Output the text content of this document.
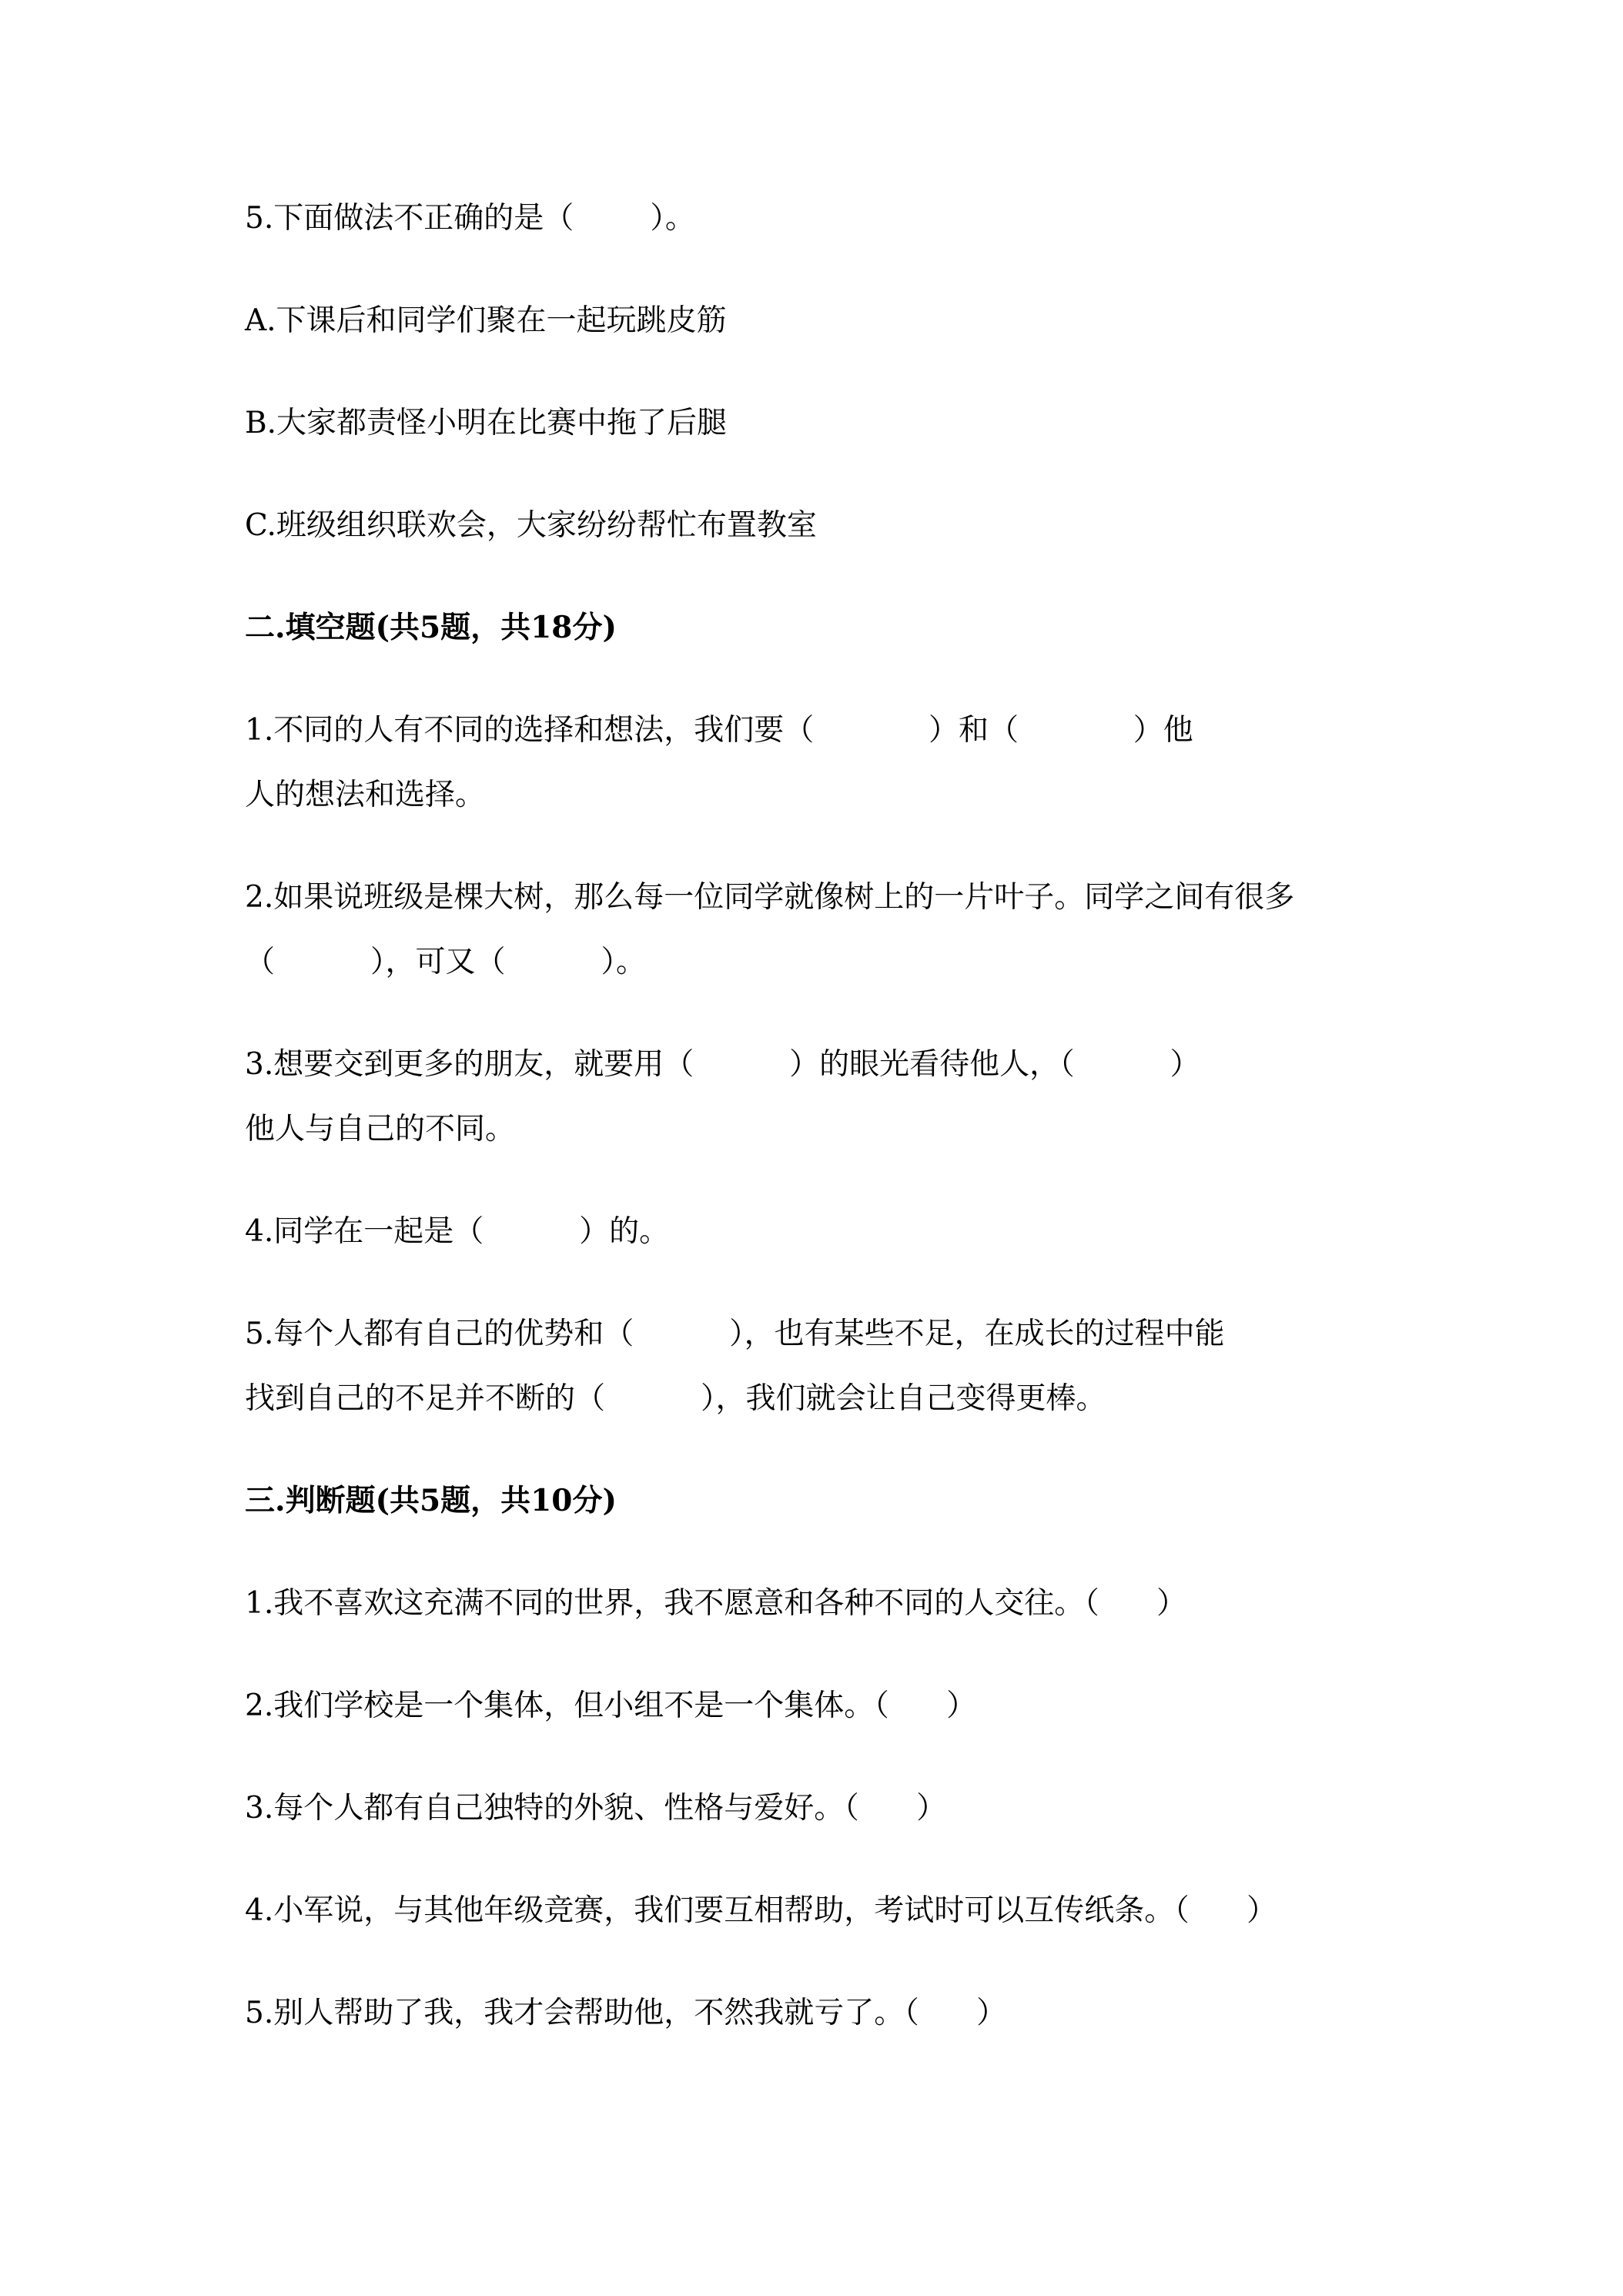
5.下面做法不正确的是（        ）。
A.下课后和同学们聚在一起玩跳皮筋
B.大家都责怪小明在比赛中拖了后腿
C.班级组织联欢会，大家纷纷帮忙布置教室
二.填空题(共5题，共18分)
1.不同的人有不同的选择和想法，我们要（            ）和（            ）他
人的想法和选择。
2.如果说班级是棵大树，那么每一位同学就像树上的一片叶子。同学之间有很多
（          ），可又（          ）。
3.想要交到更多的朋友，就要用（          ）的眼光看待他人，（          ）
他人与自己的不同。
4.同学在一起是（          ）的。
5.每个人都有自己的优势和（          ），也有某些不足，在成长的过程中能
找到自己的不足并不断的（          ），我们就会让自己变得更棒。
三.判断题(共5题，共10分)
1.我不喜欢这充满不同的世界，我不愿意和各种不同的人交往。（      ）
2.我们学校是一个集体，但小组不是一个集体。（      ）
3.每个人都有自己独特的外貌、性格与爱好。（      ）
4.小军说，与其他年级竞赛，我们要互相帮助，考试时可以互传纸条。（      ）
5.别人帮助了我，我才会帮助他，不然我就亏了。（      ）
